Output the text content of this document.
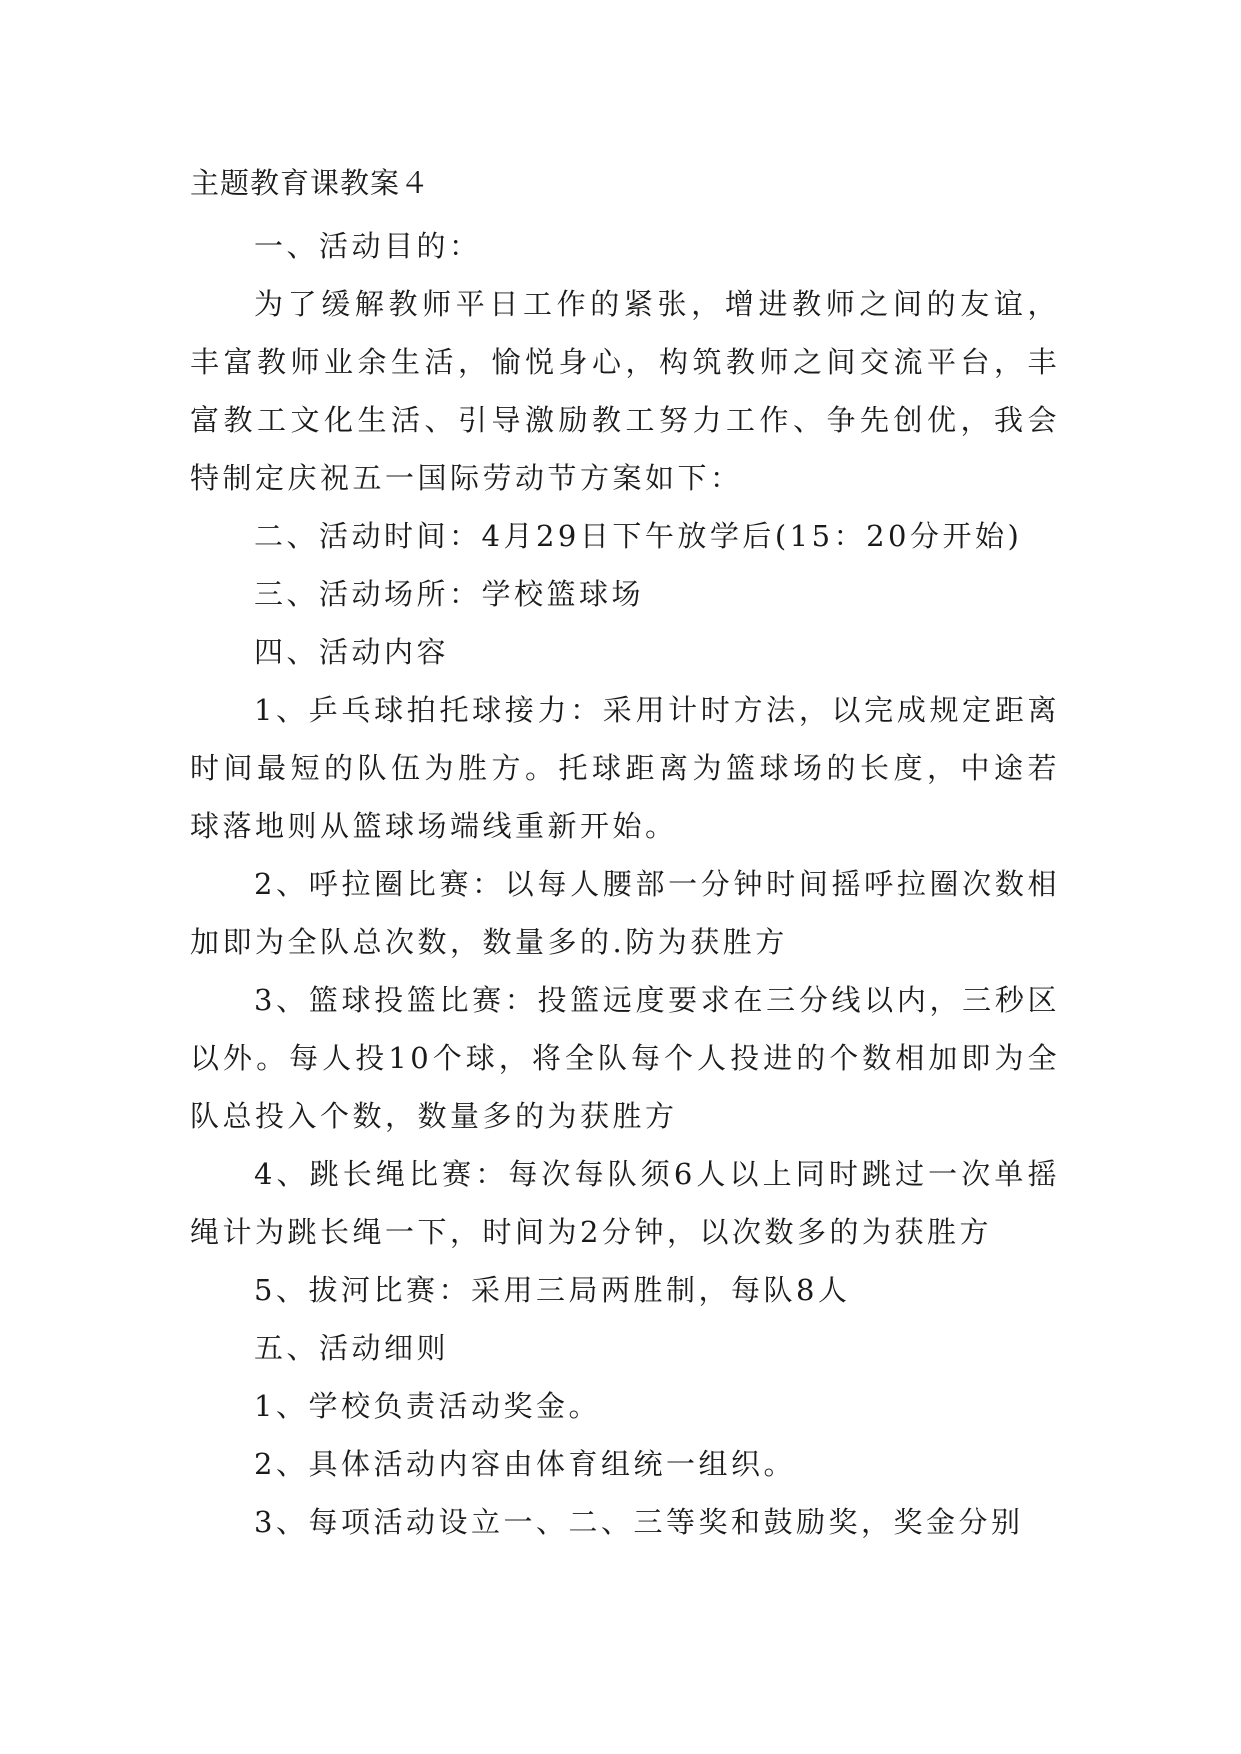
主题教育课教案４

一、活动目的：

为了缓解教师平日工作的紧张，增进教师之间的友谊，丰富教师业余生活，愉悦身心，构筑教师之间交流平台，丰富教工文化生活、引导激励教工努力工作、争先创优，我会特制定庆祝五一国际劳动节方案如下：

二、活动时间：4月29日下午放学后(15：20分开始)

三、活动场所：学校篮球场

四、活动内容

1、乒乓球拍托球接力：采用计时方法，以完成规定距离时间最短的队伍为胜方。托球距离为篮球场的长度，中途若球落地则从篮球场端线重新开始。

2、呼拉圈比赛：以每人腰部一分钟时间摇呼拉圈次数相加即为全队总次数，数量多的.防为获胜方

3、篮球投篮比赛：投篮远度要求在三分线以内，三秒区以外。每人投10个球，将全队每个人投进的个数相加即为全队总投入个数，数量多的为获胜方

4、跳长绳比赛：每次每队须6人以上同时跳过一次单摇绳计为跳长绳一下，时间为2分钟，以次数多的为获胜方

5、拔河比赛：采用三局两胜制，每队8人

五、活动细则

1、学校负责活动奖金。

2、具体活动内容由体育组统一组织。

3、每项活动设立一、二、三等奖和鼓励奖，奖金分别
